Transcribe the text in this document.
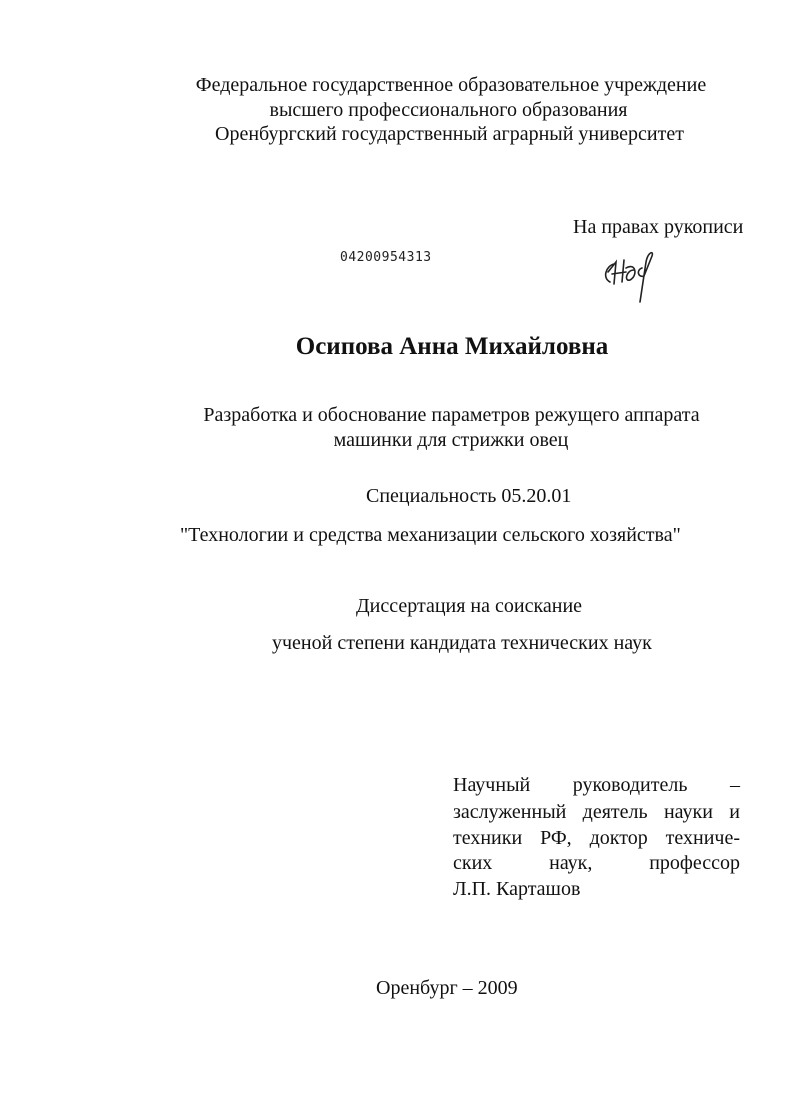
Федеральное государственное образовательное учреждение
высшего профессионального образования
Оренбургский государственный аграрный университет
На правах рукописи
04200954313
Осипова Анна Михайловна
Разработка и обоснование параметров режущего аппарата
машинки для стрижки овец
Специальность 05.20.01
"Технологии и средства механизации сельского хозяйства"
Диссертация на соискание
ученой степени кандидата технических наук
Научный руководитель –
заслуженный деятель науки и
техники РФ, доктор техниче-
ских наук, профессор
Л.П. Карташов
Оренбург – 2009
